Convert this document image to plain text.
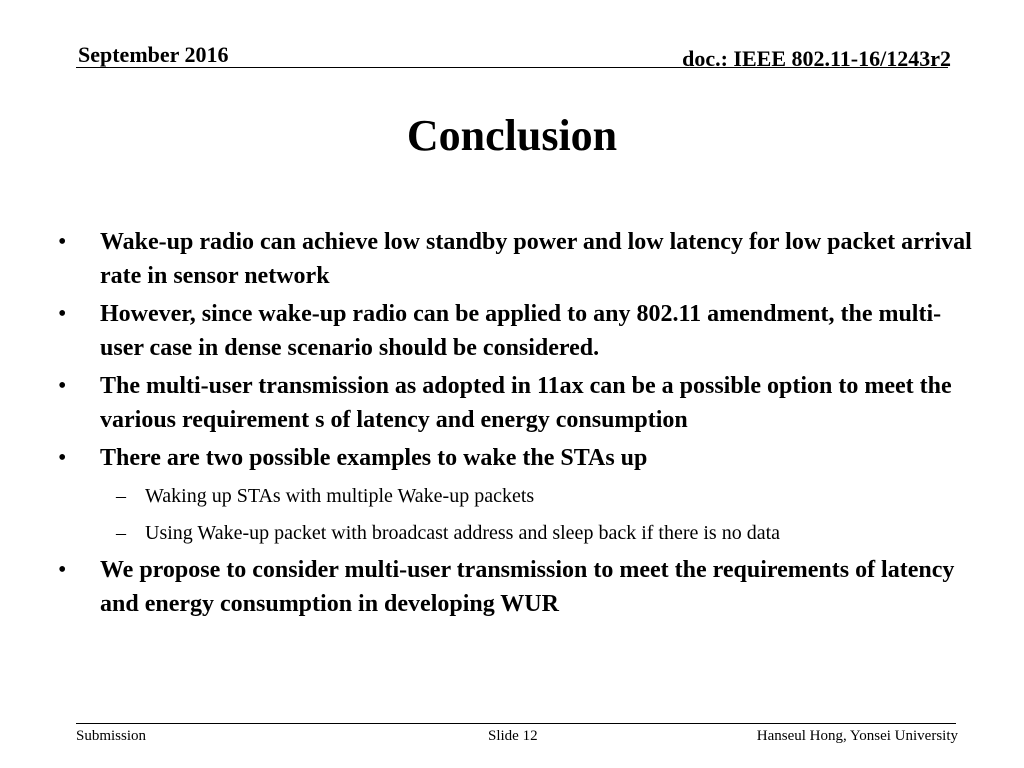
September 2016	doc.: IEEE 802.11-16/1243r2
Conclusion
•	Wake-up radio can achieve low standby power and low latency for low packet arrival rate in sensor network
•	However, since wake-up radio can be applied to any 802.11 amendment, the multi-user case in dense scenario should be considered.
•	The multi-user transmission as adopted in 11ax can be a possible option to meet the various requirement s of latency and energy consumption
•	There are two possible examples to wake the STAs up
– Waking up STAs with multiple Wake-up packets
– Using Wake-up packet with broadcast address and sleep back if there is no data
•	We propose to consider multi-user transmission to meet the requirements of latency and energy consumption in developing WUR
Submission	Slide 12	Hanseul Hong, Yonsei University
